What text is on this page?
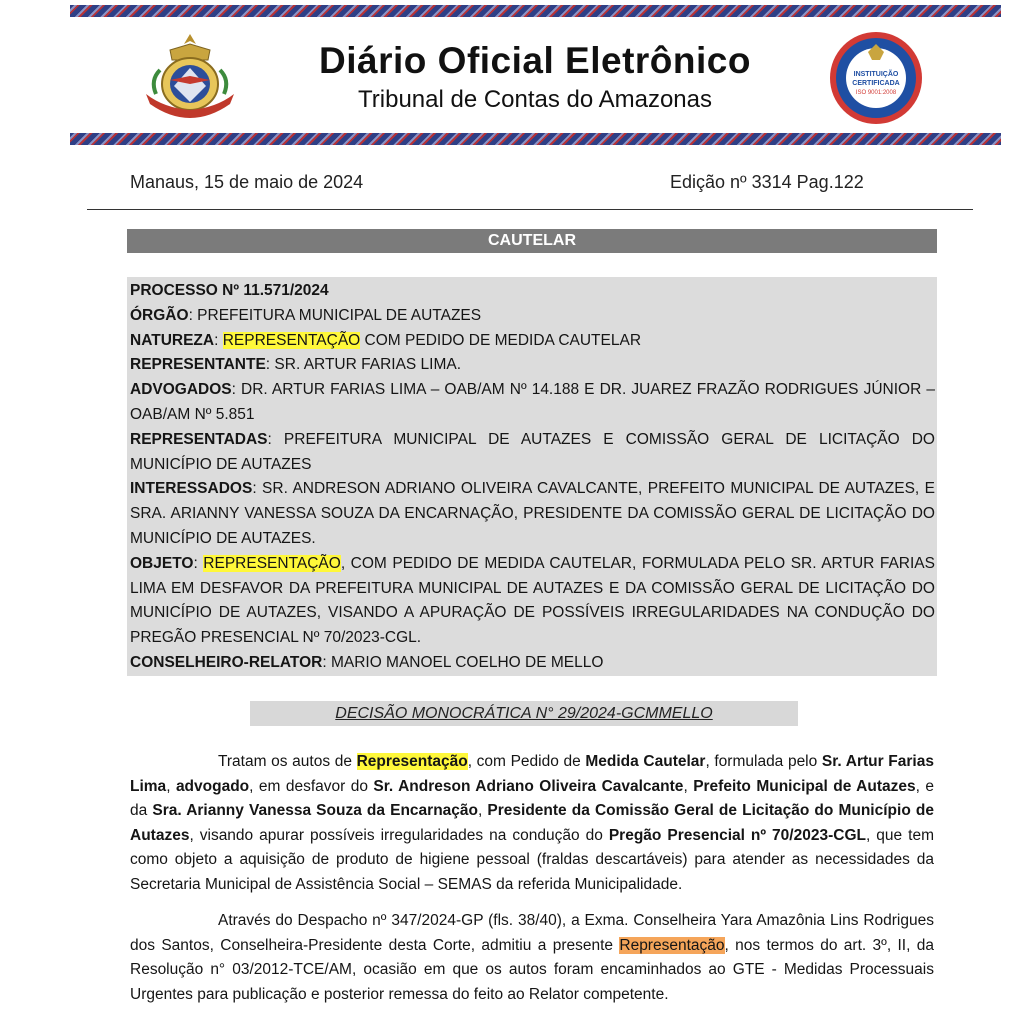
Diário Oficial Eletrônico
Tribunal de Contas do Amazonas
INSTITUIÇÃO
CERTIFICADA
ISO 9001:2008
Manaus, 15 de maio de 2024	Edição nº 3314 Pag.122
CAUTELAR

PROCESSO Nº 11.571/2024

ÓRGÃO: PREFEITURA MUNICIPAL DE AUTAZES

NATUREZA: REPRESENTAÇÃO COM PEDIDO DE MEDIDA CAUTELAR

REPRESENTANTE: SR. ARTUR FARIAS LIMA.

ADVOGADOS: DR. ARTUR FARIAS LIMA – OAB/AM Nº 14.188 E DR. JUAREZ FRAZÃO RODRIGUES JÚNIOR – OAB/AM Nº 5.851

REPRESENTADAS: PREFEITURA MUNICIPAL DE AUTAZES E COMISSÃO GERAL DE LICITAÇÃO DO MUNICÍPIO DE AUTAZES

INTERESSADOS: SR. ANDRESON ADRIANO OLIVEIRA CAVALCANTE, PREFEITO MUNICIPAL DE AUTAZES, E SRA. ARIANNY VANESSA SOUZA DA ENCARNAÇÃO, PRESIDENTE DA COMISSÃO GERAL DE LICITAÇÃO DO MUNICÍPIO DE AUTAZES.

OBJETO: REPRESENTAÇÃO, COM PEDIDO DE MEDIDA CAUTELAR, FORMULADA PELO SR. ARTUR FARIAS LIMA EM DESFAVOR DA PREFEITURA MUNICIPAL DE AUTAZES E DA COMISSÃO GERAL DE LICITAÇÃO DO MUNICÍPIO DE AUTAZES, VISANDO A APURAÇÃO DE POSSÍVEIS IRREGULARIDADES NA CONDUÇÃO DO PREGÃO PRESENCIAL Nº 70/2023-CGL.

CONSELHEIRO-RELATOR: MARIO MANOEL COELHO DE MELLO

DECISÃO MONOCRÁTICA N° 29/2024-GCMMELLO

Tratam os autos de Representação, com Pedido de Medida Cautelar, formulada pelo Sr. Artur Farias Lima, advogado, em desfavor do Sr. Andreson Adriano Oliveira Cavalcante, Prefeito Municipal de Autazes, e da Sra. Arianny Vanessa Souza da Encarnação, Presidente da Comissão Geral de Licitação do Município de Autazes, visando apurar possíveis irregularidades na condução do Pregão Presencial nº 70/2023-CGL, que tem como objeto a aquisição de produto de higiene pessoal (fraldas descartáveis) para atender as necessidades da Secretaria Municipal de Assistência Social – SEMAS da referida Municipalidade.

Através do Despacho nº 347/2024-GP (fls. 38/40), a Exma. Conselheira Yara Amazônia Lins Rodrigues dos Santos, Conselheira-Presidente desta Corte, admitiu a presente Representação, nos termos do art. 3º, II, da Resolução n° 03/2012-TCE/AM, ocasião em que os autos foram encaminhados ao GTE - Medidas Processuais Urgentes para publicação e posterior remessa do feito ao Relator competente.
